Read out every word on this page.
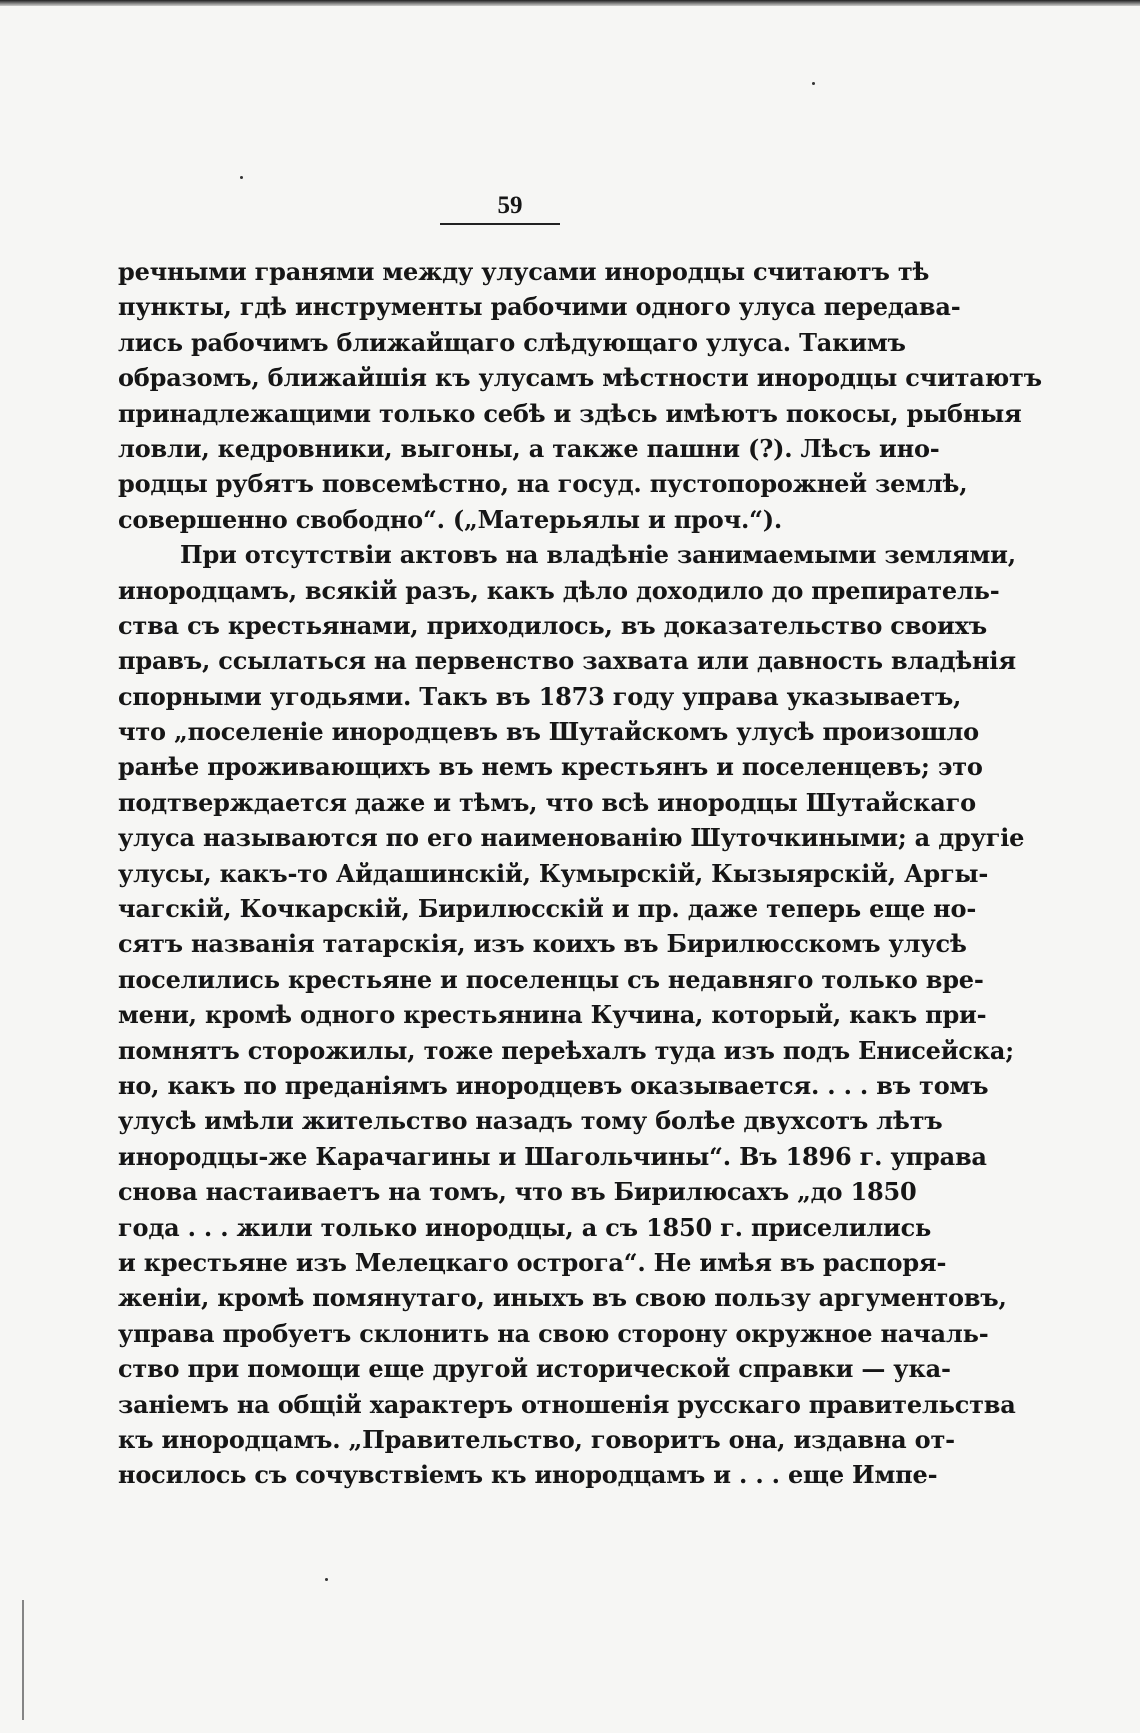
59
речными гранями между улусами инородцы считаютъ тѣ
пункты, гдѣ инструменты рабочими одного улуса передава-
лись рабочимъ ближайщаго слѣдующаго улуса. Такимъ
образомъ, ближайшія къ улусамъ мѣстности инородцы считаютъ
принадлежащими только себѣ и здѣсь имѣютъ покосы, рыбныя
ловли, кедровники, выгоны, а также пашни (?). Лѣсъ ино-
родцы рубятъ повсемѣстно, на госуд. пустопорожней землѣ,
совершенно свободно“. („Матерьялы и проч.“).
При отсутствіи актовъ на владѣніе занимаемыми землями,
инородцамъ, всякій разъ, какъ дѣло доходило до препиратель-
ства съ крестьянами, приходилось, въ доказательство своихъ
правъ, ссылаться на первенство захвата или давность владѣнія
спорными угодьями. Такъ въ 1873 году управа указываетъ,
что „поселеніе инородцевъ въ Шутайскомъ улусѣ произошло
ранѣе проживающихъ въ немъ крестьянъ и поселенцевъ; это
подтверждается даже и тѣмъ, что всѣ инородцы Шутайскаго
улуса называются по его наименованію Шуточкиными; а другіе
улусы, какъ-то Айдашинскій, Кумырскій, Кызыярскій, Аргы-
чагскій, Кочкарскій, Бирилюсскій и пр. даже теперь еще но-
сятъ названія татарскія, изъ коихъ въ Бирилюсскомъ улусѣ
поселились крестьяне и поселенцы съ недавняго только вре-
мени, кромѣ одного крестьянина Кучина, который, какъ при-
помнятъ сторожилы, тоже переѣхалъ туда изъ подъ Енисейска;
но, какъ по преданіямъ инородцевъ оказывается. . . . въ томъ
улусѣ имѣли жительство назадъ тому болѣе двухсотъ лѣтъ
инородцы-же Карачагины и Шагольчины“. Въ 1896 г. управа
снова настаиваетъ на томъ, что въ Бирилюсахъ „до 1850
года . . . жили только инородцы, а съ 1850 г. приселились
и крестьяне изъ Мелецкаго острога“. Не имѣя въ распоря-
женіи, кромѣ помянутаго, иныхъ въ свою пользу аргументовъ,
управа пробуетъ склонить на свою сторону окружное началь-
ство при помощи еще другой исторической справки — ука-
заніемъ на общій характеръ отношенія русскаго правительства
къ инородцамъ. „Правительство, говоритъ она, издавна от-
носилось съ сочувствіемъ къ инородцамъ и . . . еще Импе-
